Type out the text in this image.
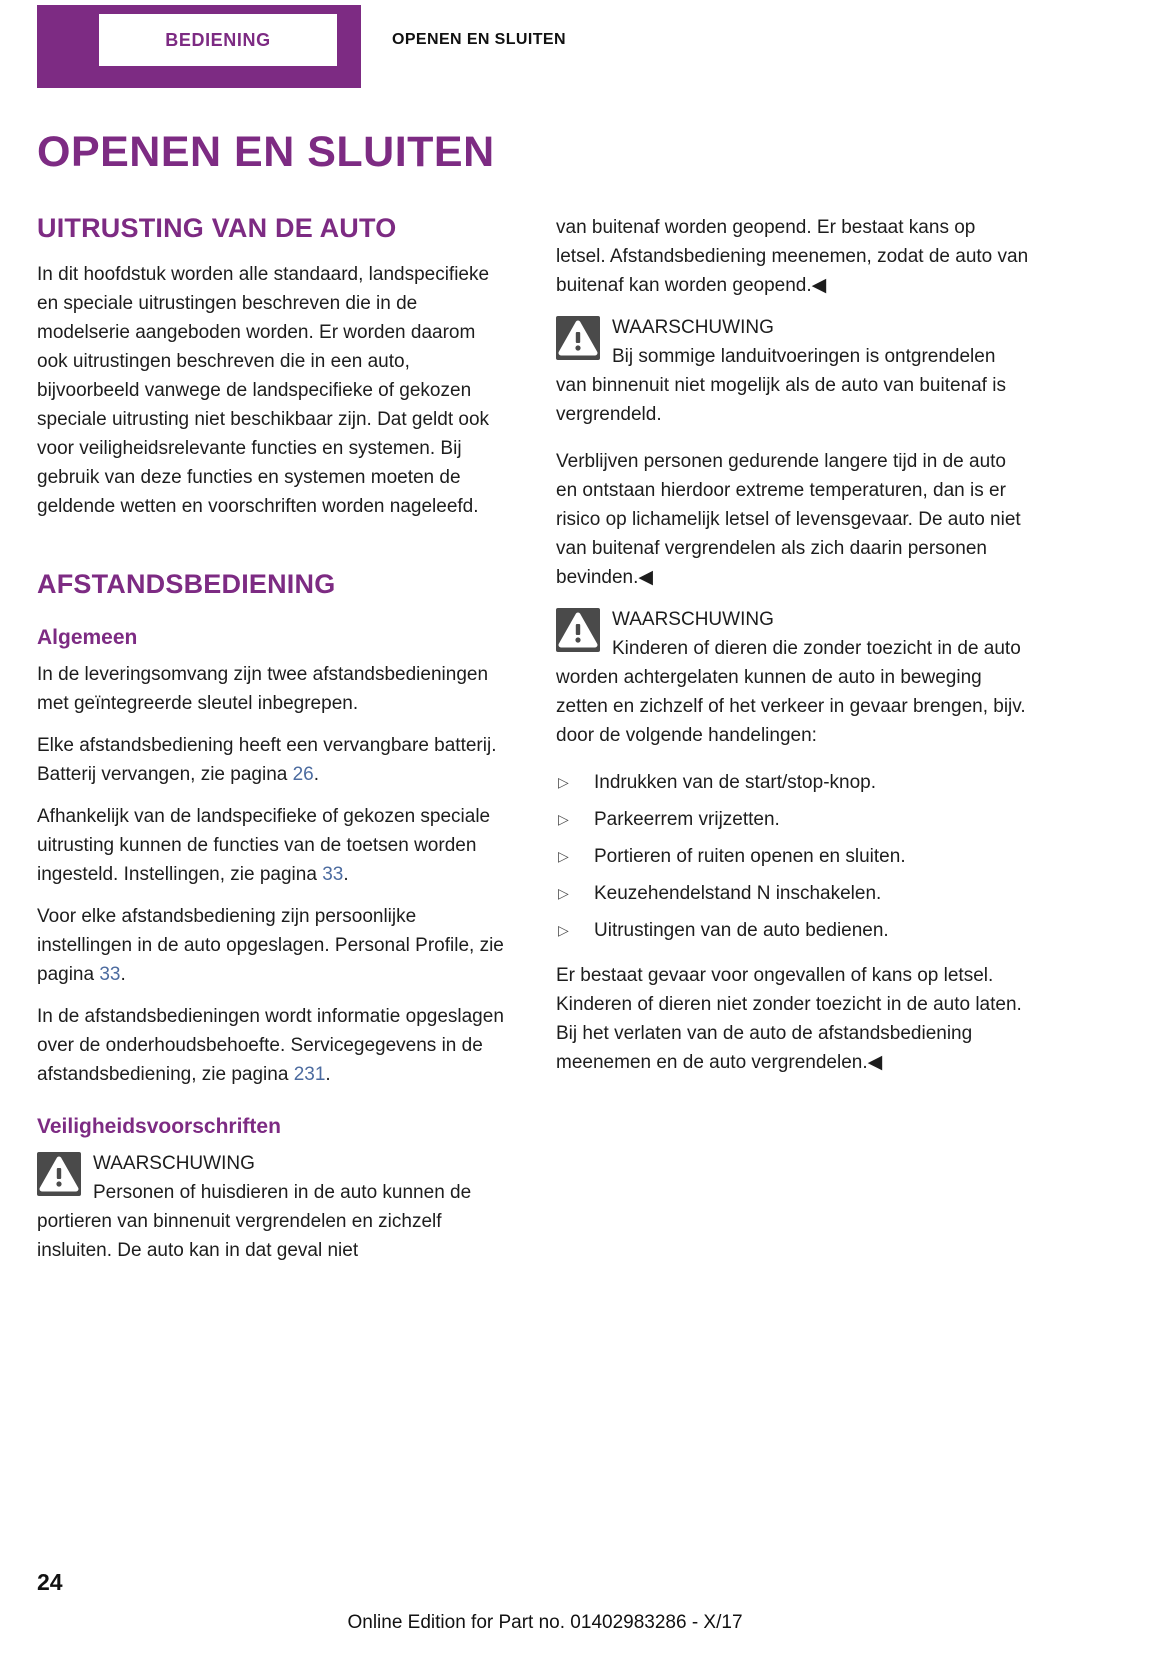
BEDIENING	OPENEN EN SLUITEN
OPENEN EN SLUITEN
UITRUSTING VAN DE AUTO

In dit hoofdstuk worden alle standaard, landspecifieke en speciale uitrustingen beschreven die in de modelserie aangeboden worden. Er worden daarom ook uitrustingen beschreven die in een auto, bijvoorbeeld vanwege de landspecifieke of gekozen speciale uitrusting niet beschikbaar zijn. Dat geldt ook voor veiligheidsrelevante functies en systemen. Bij gebruik van deze functies en systemen moeten de geldende wetten en voorschriften worden nageleefd.

AFSTANDSBEDIENING
Algemeen

In de leveringsomvang zijn twee afstandsbedieningen met geïntegreerde sleutel inbegrepen.

Elke afstandsbediening heeft een vervangbare batterij. Batterij vervangen, zie pagina 26.

Afhankelijk van de landspecifieke of gekozen speciale uitrusting kunnen de functies van de toetsen worden ingesteld. Instellingen, zie pagina 33.

Voor elke afstandsbediening zijn persoonlijke instellingen in de auto opgeslagen. Personal Profile, zie pagina 33.

In de afstandsbedieningen wordt informatie opgeslagen over de onderhoudsbehoefte. Servicegegevens in de afstandsbediening, zie pagina 231.

Veiligheidsvoorschriften
WAARSCHUWING

Personen of huisdieren in de auto kunnen de portieren van binnenuit vergrendelen en zichzelf insluiten. De auto kan in dat geval niet

van buitenaf worden geopend. Er bestaat kans op letsel. Afstandsbediening meenemen, zodat de auto van buitenaf kan worden geopend.◀

WAARSCHUWING

Bij sommige landuitvoeringen is ontgrendelen van binnenuit niet mogelijk als de auto van buitenaf is vergrendeld.

Verblijven personen gedurende langere tijd in de auto en ontstaan hierdoor extreme temperaturen, dan is er risico op lichamelijk letsel of levensgevaar. De auto niet van buitenaf vergrendelen als zich daarin personen bevinden.◀

WAARSCHUWING

Kinderen of dieren die zonder toezicht in de auto worden achtergelaten kunnen de auto in beweging zetten en zichzelf of het verkeer in gevaar brengen, bijv. door de volgende handelingen:

▷	Indrukken van de start/stop-knop.
▷	Parkeerrem vrijzetten.
▷	Portieren of ruiten openen en sluiten.
▷	Keuzehendelstand N inschakelen.
▷	Uitrustingen van de auto bedienen.

Er bestaat gevaar voor ongevallen of kans op letsel. Kinderen of dieren niet zonder toezicht in de auto laten. Bij het verlaten van de auto de afstandsbediening meenemen en de auto vergrendelen.◀

24
Online Edition for Part no. 01402983286 - X/17
